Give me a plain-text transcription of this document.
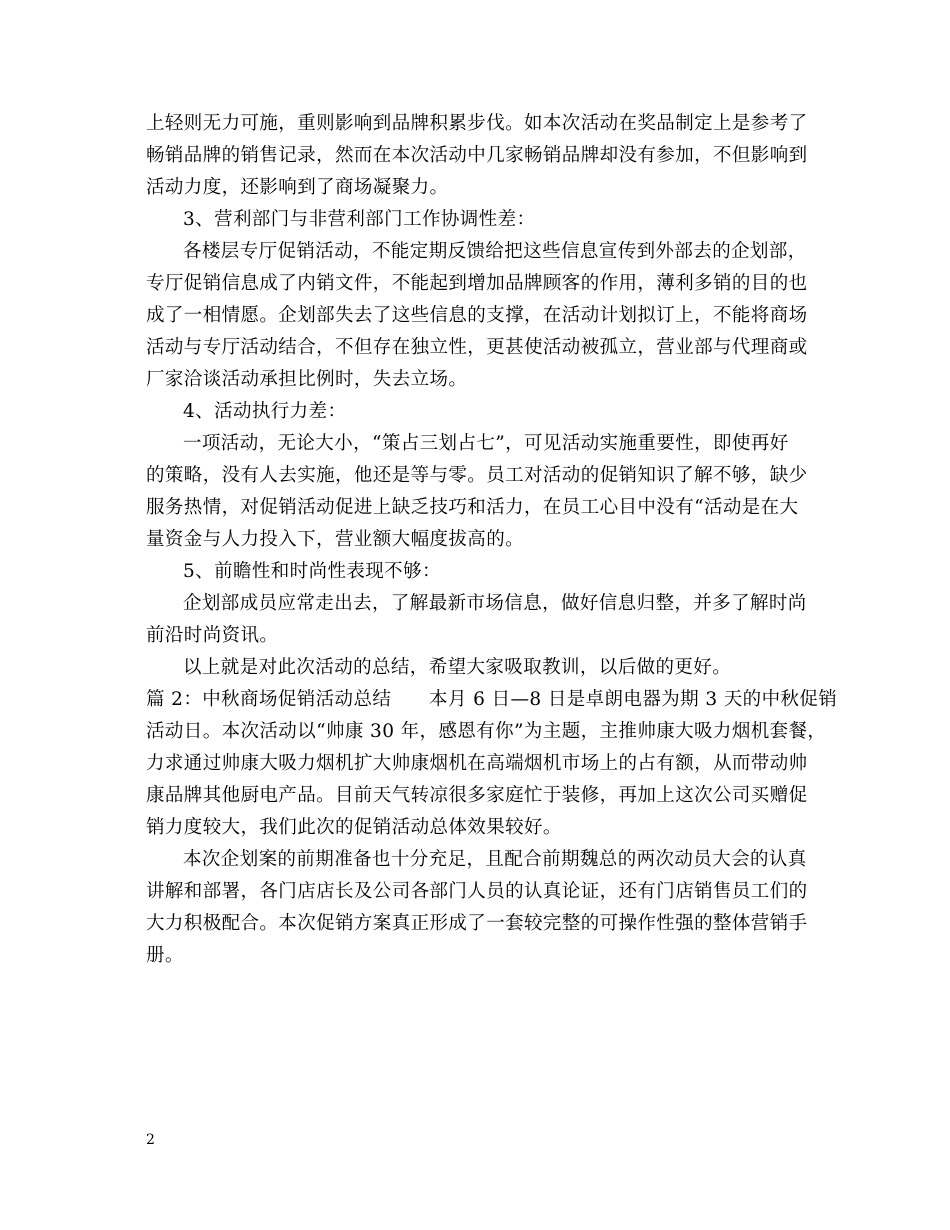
上轻则无力可施，重则影响到品牌积累步伐。如本次活动在奖品制定上是参考了
畅销品牌的销售记录，然而在本次活动中几家畅销品牌却没有参加，不但影响到
活动力度，还影响到了商场凝聚力。
3、营利部门与非营利部门工作协调性差：
各楼层专厅促销活动，不能定期反馈给把这些信息宣传到外部去的企划部，
专厅促销信息成了内销文件，不能起到增加品牌顾客的作用，薄利多销的目的也
成了一相情愿。企划部失去了这些信息的支撑，在活动计划拟订上，不能将商场
活动与专厅活动结合，不但存在独立性，更甚使活动被孤立，营业部与代理商或
厂家洽谈活动承担比例时，失去立场。
4、活动执行力差：
一项活动，无论大小，“策占三划占七”，可见活动实施重要性，即使再好
的策略，没有人去实施，他还是等与零。员工对活动的促销知识了解不够，缺少
服务热情，对促销活动促进上缺乏技巧和活力，在员工心目中没有“活动是在大
量资金与人力投入下，营业额大幅度拔高的。
5、前瞻性和时尚性表现不够：
企划部成员应常走出去，了解最新市场信息，做好信息归整，并多了解时尚
前沿时尚资讯。
以上就是对此次活动的总结，希望大家吸取教训，以后做的更好。
篇 2：中秋商场促销活动总结　　本月 6 日—8 日是卓朗电器为期 3 天的中秋促销
活动日。本次活动以“帅康 30 年，感恩有你”为主题，主推帅康大吸力烟机套餐，
力求通过帅康大吸力烟机扩大帅康烟机在高端烟机市场上的占有额，从而带动帅
康品牌其他厨电产品。目前天气转凉很多家庭忙于装修，再加上这次公司买赠促
销力度较大，我们此次的促销活动总体效果较好。
本次企划案的前期准备也十分充足，且配合前期魏总的两次动员大会的认真
讲解和部署，各门店店长及公司各部门人员的认真论证，还有门店销售员工们的
大力积极配合。本次促销方案真正形成了一套较完整的可操作性强的整体营销手
册。
2
